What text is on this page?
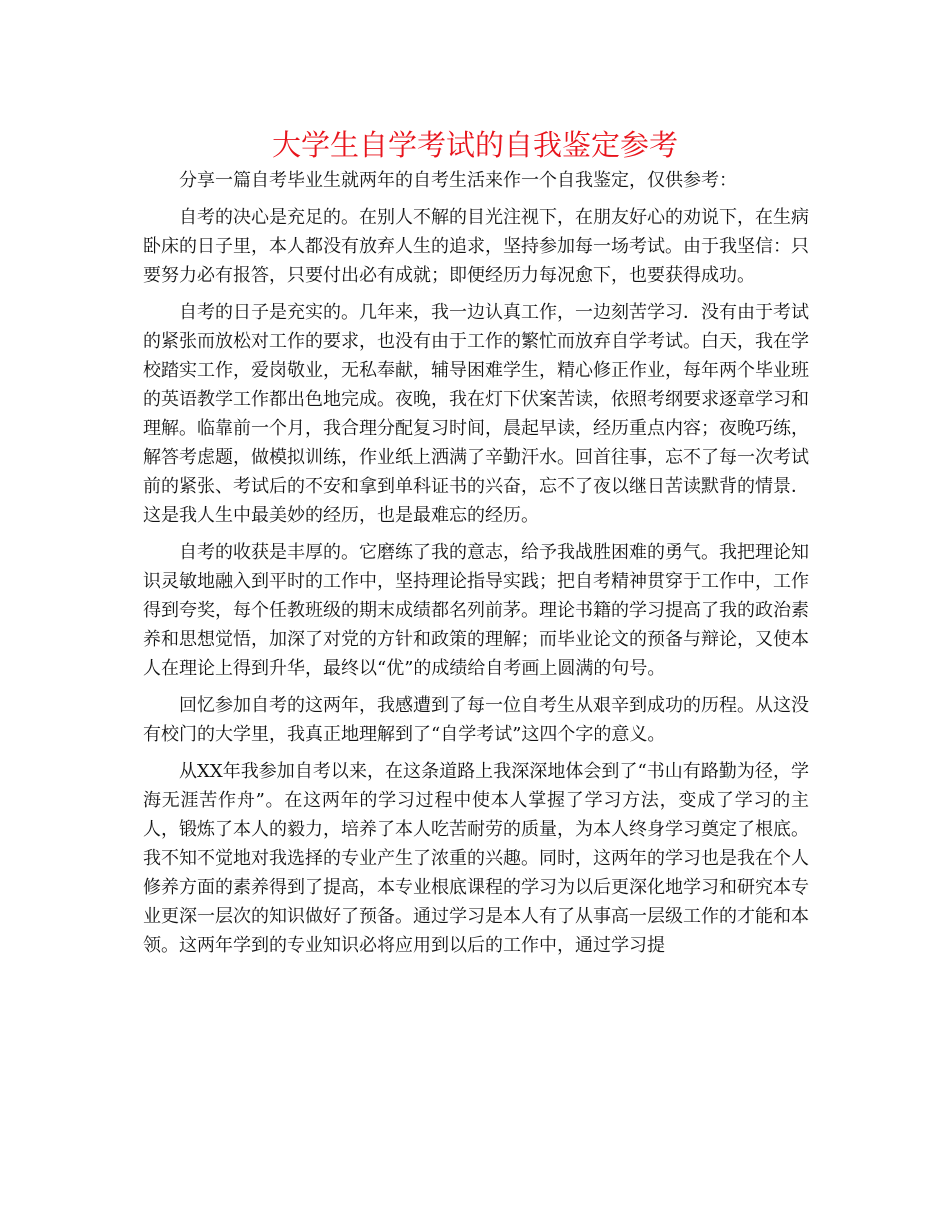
大学生自学考试的自我鉴定参考

分享一篇自考毕业生就两年的自考生活来作一个自我鉴定，仅供参考：

自考的决心是充足的。在别人不解的目光注视下，在朋友好心的劝说下，在生病卧床的日子里，本人都没有放弃人生的追求，坚持参加每一场考试。由于我坚信：只要努力必有报答，只要付出必有成就；即便经历力每况愈下，也要获得成功。

自考的日子是充实的。几年来，我一边认真工作，一边刻苦学习．没有由于考试的紧张而放松对工作的要求，也没有由于工作的繁忙而放弃自学考试。白天，我在学校踏实工作，爱岗敬业，无私奉献，辅导困难学生，精心修正作业，每年两个毕业班的英语教学工作都出色地完成。夜晚，我在灯下伏案苦读，依照考纲要求逐章学习和理解。临靠前一个月，我合理分配复习时间，晨起早读，经历重点内容；夜晚巧练，解答考虑题，做模拟训练，作业纸上洒满了辛勤汗水。回首往事，忘不了每一次考试前的紧张、考试后的不安和拿到单科证书的兴奋，忘不了夜以继日苦读默背的情景．这是我人生中最美妙的经历，也是最难忘的经历。

自考的收获是丰厚的。它磨练了我的意志，给予我战胜困难的勇气。我把理论知识灵敏地融入到平时的工作中，坚持理论指导实践；把自考精神贯穿于工作中，工作得到夸奖，每个任教班级的期末成绩都名列前茅。理论书籍的学习提高了我的政治素养和思想觉悟，加深了对党的方针和政策的理解；而毕业论文的预备与辩论，又使本人在理论上得到升华，最终以“优”的成绩给自考画上圆满的句号。

回忆参加自考的这两年，我感遭到了每一位自考生从艰辛到成功的历程。从这没有校门的大学里，我真正地理解到了“自学考试”这四个字的意义。

从XX年我参加自考以来，在这条道路上我深深地体会到了“书山有路勤为径，学海无涯苦作舟”。在这两年的学习过程中使本人掌握了学习方法，变成了学习的主人，锻炼了本人的毅力，培养了本人吃苦耐劳的质量，为本人终身学习奠定了根底。我不知不觉地对我选择的专业产生了浓重的兴趣。同时，这两年的学习也是我在个人修养方面的素养得到了提高，本专业根底课程的学习为以后更深化地学习和研究本专业更深一层次的知识做好了预备。通过学习是本人有了从事高一层级工作的才能和本领。这两年学到的专业知识必将应用到以后的工作中，通过学习提
